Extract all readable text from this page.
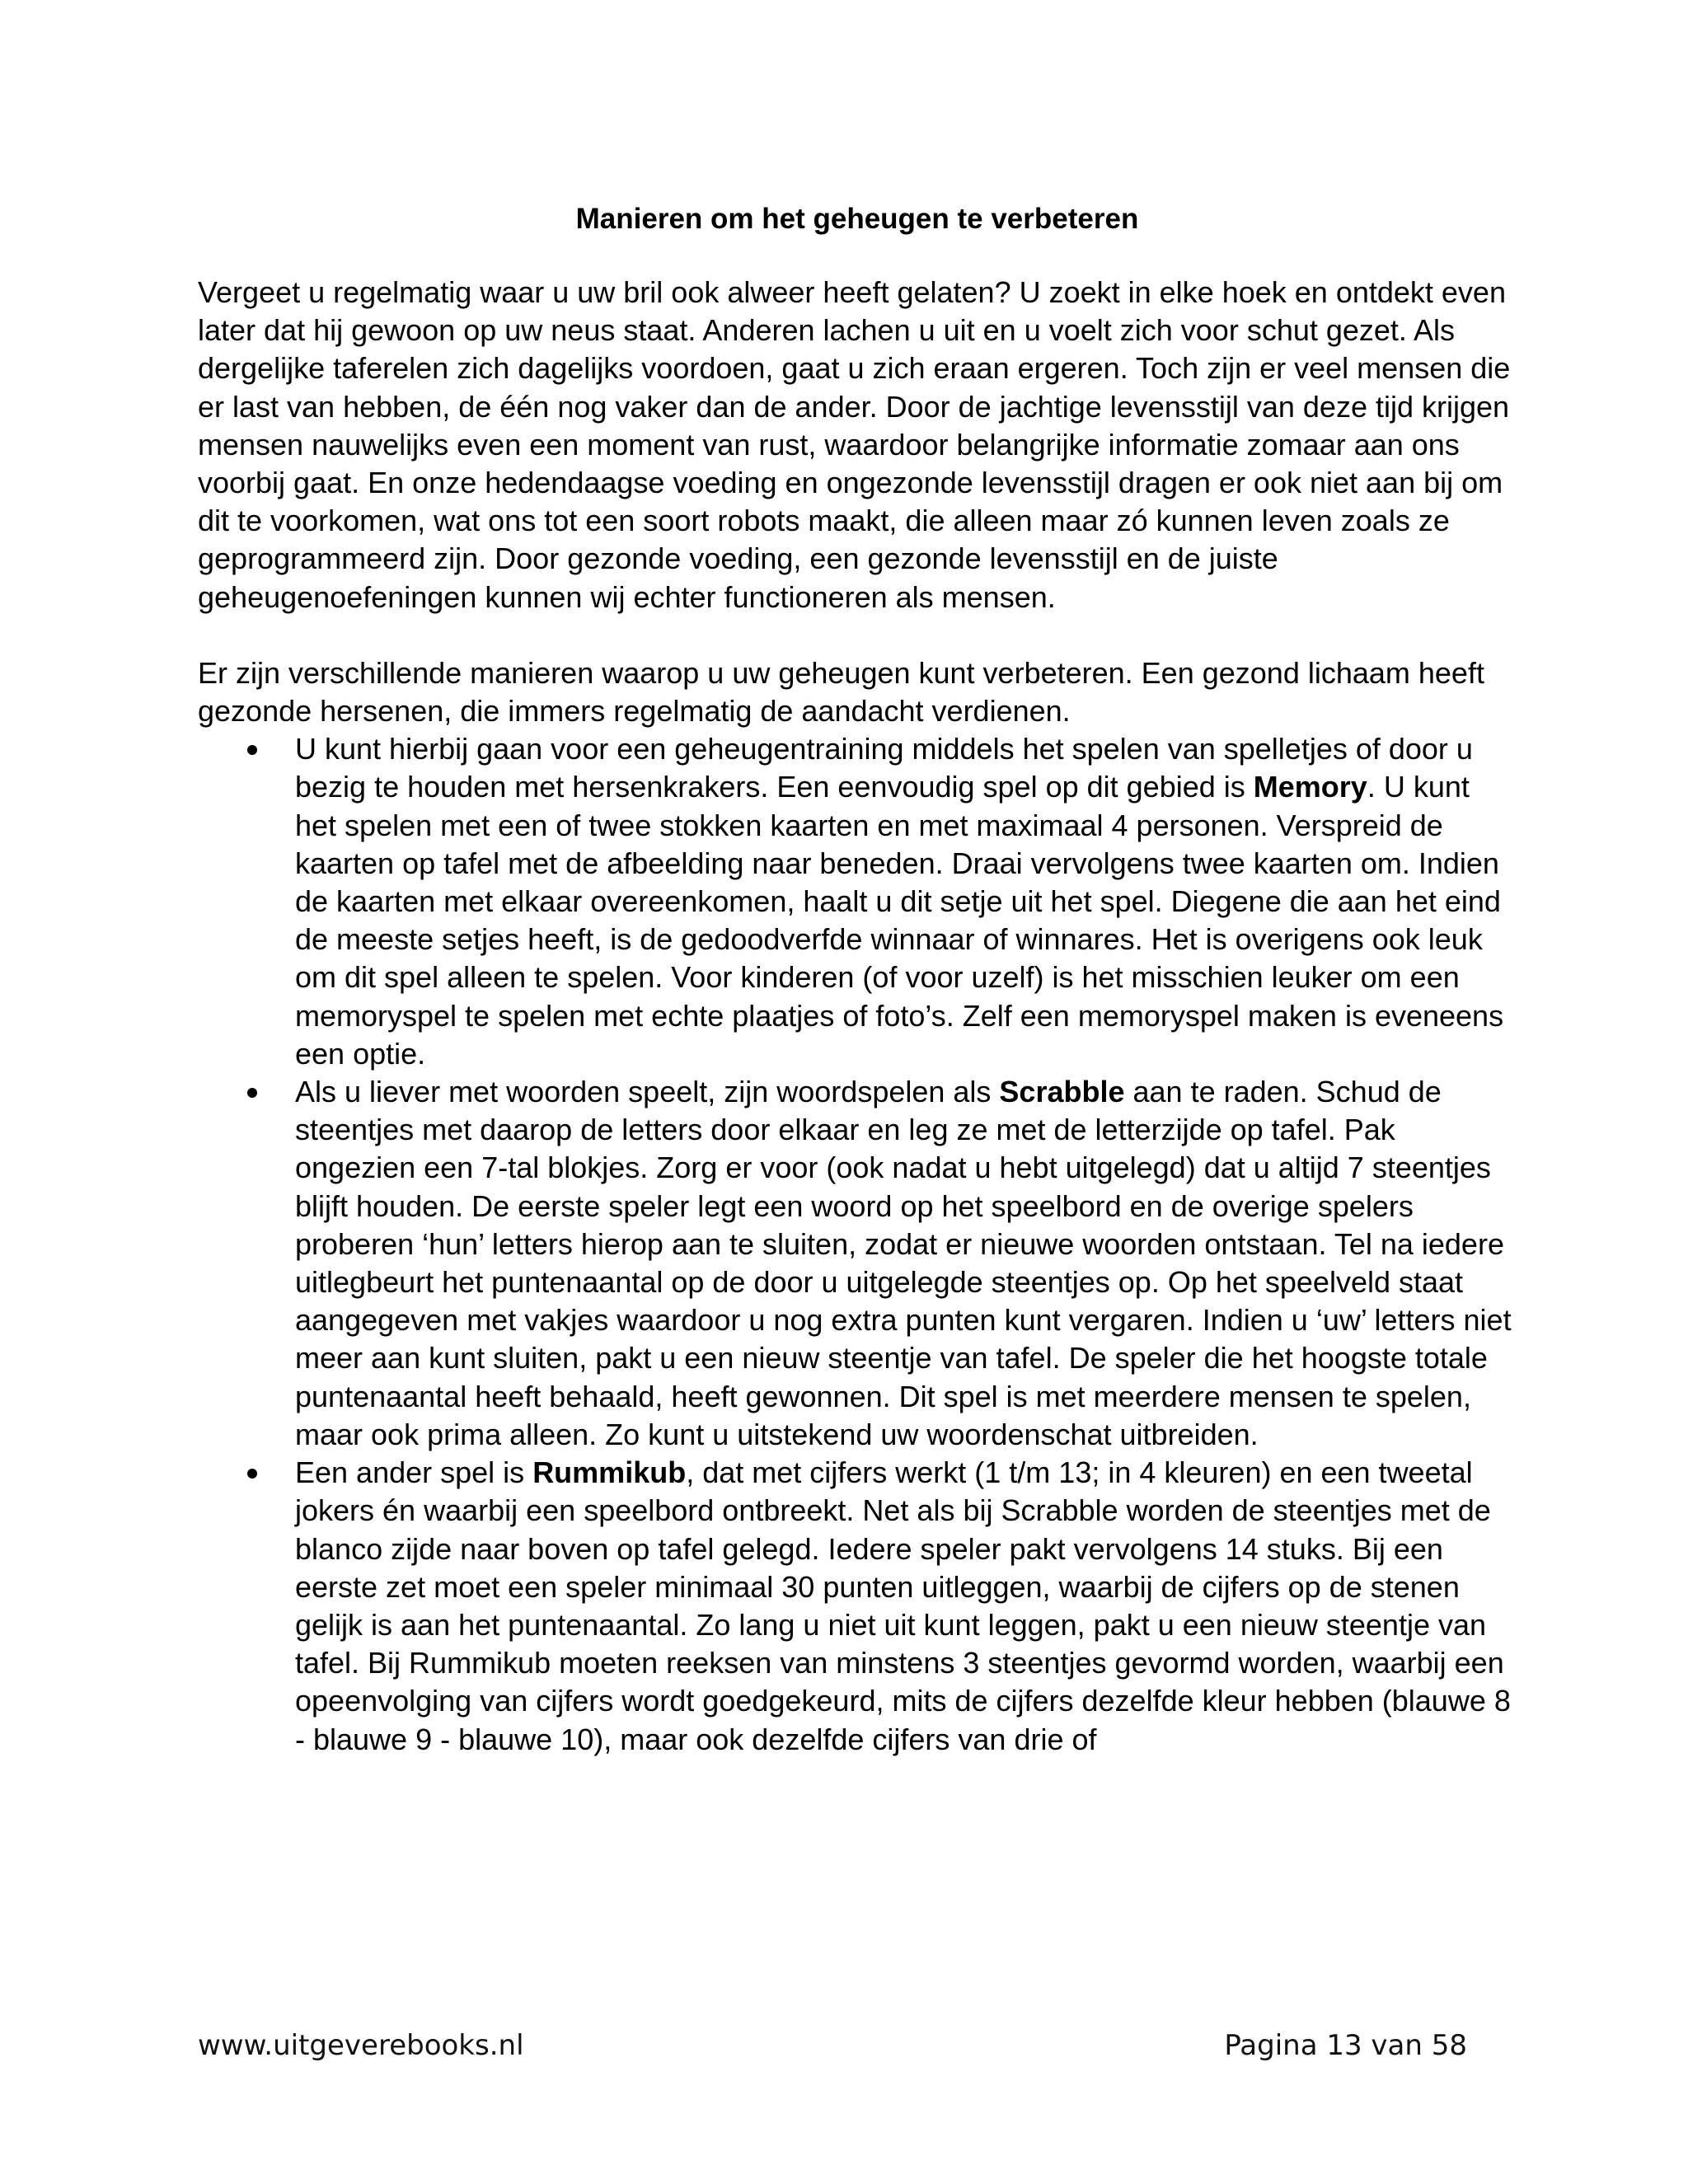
Manieren om het geheugen te verbeteren

Vergeet u regelmatig waar u uw bril ook alweer heeft gelaten? U zoekt in elke hoek en ontdekt even later dat hij gewoon op uw neus staat. Anderen lachen u uit en u voelt zich voor schut gezet. Als dergelijke taferelen zich dagelijks voordoen, gaat u zich eraan ergeren. Toch zijn er veel mensen die er last van hebben, de één nog vaker dan de ander. Door de jachtige levensstijl van deze tijd krijgen mensen nauwelijks even een moment van rust, waardoor belangrijke informatie zomaar aan ons voorbij gaat. En onze hedendaagse voeding en ongezonde levensstijl dragen er ook niet aan bij om dit te voorkomen, wat ons tot een soort robots maakt, die alleen maar zó kunnen leven zoals ze geprogrammeerd zijn. Door gezonde voeding, een gezonde levensstijl en de juiste geheugenoefeningen kunnen wij echter functioneren als mensen.

Er zijn verschillende manieren waarop u uw geheugen kunt verbeteren. Een gezond lichaam heeft gezonde hersenen, die immers regelmatig de aandacht verdienen.

U kunt hierbij gaan voor een geheugentraining middels het spelen van spelletjes of door u bezig te houden met hersenkrakers. Een eenvoudig spel op dit gebied is Memory. U kunt het spelen met een of twee stokken kaarten en met maximaal 4 personen. Verspreid de kaarten op tafel met de afbeelding naar beneden. Draai vervolgens twee kaarten om. Indien de kaarten met elkaar overeenkomen, haalt u dit setje uit het spel. Diegene die aan het eind de meeste setjes heeft, is de gedoodverfde winnaar of winnares. Het is overigens ook leuk om dit spel alleen te spelen. Voor kinderen (of voor uzelf) is het misschien leuker om een memoryspel te spelen met echte plaatjes of foto’s. Zelf een memoryspel maken is eveneens een optie.
Als u liever met woorden speelt, zijn woordspelen als Scrabble aan te raden. Schud de steentjes met daarop de letters door elkaar en leg ze met de letterzijde op tafel. Pak ongezien een 7-tal blokjes. Zorg er voor (ook nadat u hebt uitgelegd) dat u altijd 7 steentjes blijft houden. De eerste speler legt een woord op het speelbord en de overige spelers proberen ‘hun’ letters hierop aan te sluiten, zodat er nieuwe woorden ontstaan. Tel na iedere uitlegbeurt het puntenaantal op de door u uitgelegde steentjes op. Op het speelveld staat aangegeven met vakjes waardoor u nog extra punten kunt vergaren. Indien u ‘uw’ letters niet meer aan kunt sluiten, pakt u een nieuw steentje van tafel. De speler die het hoogste totale puntenaantal heeft behaald, heeft gewonnen. Dit spel is met meerdere mensen te spelen, maar ook prima alleen. Zo kunt u uitstekend uw woordenschat uitbreiden.
Een ander spel is Rummikub, dat met cijfers werkt (1 t/m 13; in 4 kleuren) en een tweetal jokers én waarbij een speelbord ontbreekt. Net als bij Scrabble worden de steentjes met de blanco zijde naar boven op tafel gelegd. Iedere speler pakt vervolgens 14 stuks. Bij een eerste zet moet een speler minimaal 30 punten uitleggen, waarbij de cijfers op de stenen gelijk is aan het puntenaantal. Zo lang u niet uit kunt leggen, pakt u een nieuw steentje van tafel. Bij Rummikub moeten reeksen van minstens 3 steentjes gevormd worden, waarbij een opeenvolging van cijfers wordt goedgekeurd, mits de cijfers dezelfde kleur hebben (blauwe 8 - blauwe 9 - blauwe 10), maar ook dezelfde cijfers van drie of
www.uitgeverebooks.nl	Pagina 13 van 58
